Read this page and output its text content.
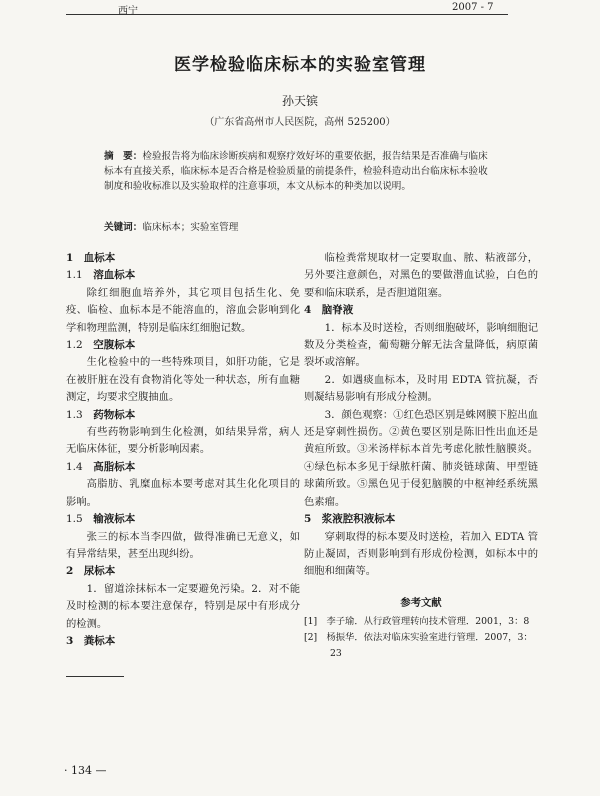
西宁	2007 - 7
医学检验临床标本的实验室管理
孙天镔
（广东省高州市人民医院，高州 525200）
摘　要：检验报告将为临床诊断疾病和观察疗效好坏的重要依据，报告结果是否准确与临床标本有直接关系，临床标本是否合格是检验质量的前提条件，检验科造动出台临床标本验收制度和验收标准以及实验取样的注意事项，本文从标本的种类加以说明。
关键词：临床标本；实验室管理

1　血标本

1.1　 溶血标本

除红细胞血培养外，其它项目包括生化、免疫、临检、血标本是不能溶血的，溶血会影响到化学和物理监测，特别是临床红细胞记数。

1.2　 空腹标本

生化检验中的一些特殊项目，如肝功能，它是在被肝脏在没有食物消化等处一种状态，所有血糖测定，均要求空腹抽血。

1.3　 药物标本

有些药物影响到生化检测，如结果异常，病人无临床体征，要分析影响因素。

1.4　 高脂标本

高脂肪、乳糜血标本要考虑对其生化化项目的影响。

1.5　 输液标本

张三的标本当李四做，做得准确已无意义，如有异常结果，甚至出现纠纷。

2　尿标本

1．留道涂抹标本一定要避免污染。2．对不能及时检测的标本要注意保存，特别是尿中有形成分的检测。

3　粪标本

临检粪常规取材一定要取血、脓、粘液部分，另外要注意颜色，对黑色的要做潜血试验，白色的要和临床联系，是否胆道阻塞。

4　脑脊液

1．标本及时送检，否则细胞破坏，影响细胞记数及分类检查，葡萄糖分解无法含量降低，病原菌裂坏或溶解。

2．如遇痰血标本，及时用 EDTA 管抗凝，否则凝结易影响有形成分检测。

3．颜色观察：①红色恐区别是蛛网膜下腔出血还是穿刺性损伤。②黄色要区别是陈旧性出血还是黄疸所致。③米汤样标本首先考虑化脓性脑膜炎。④绿色标本多见于绿脓杆菌、肺炎链球菌、甲型链球菌所致。⑤黑色见于侵犯脑膜的中枢神经系统黑色素瘤。

5　浆液腔积液标本

穿刺取得的标本要及时送检，若加入 EDTA 管防止凝固，否则影响到有形成份检测，如标本中的细胞和细菌等。

参考文献

[1]　李子瑜．从行政管理转向技术管理．2001，3：8

[2]　杨振华．依法对临床实验室进行管理．2007，3：23

· 134 —
